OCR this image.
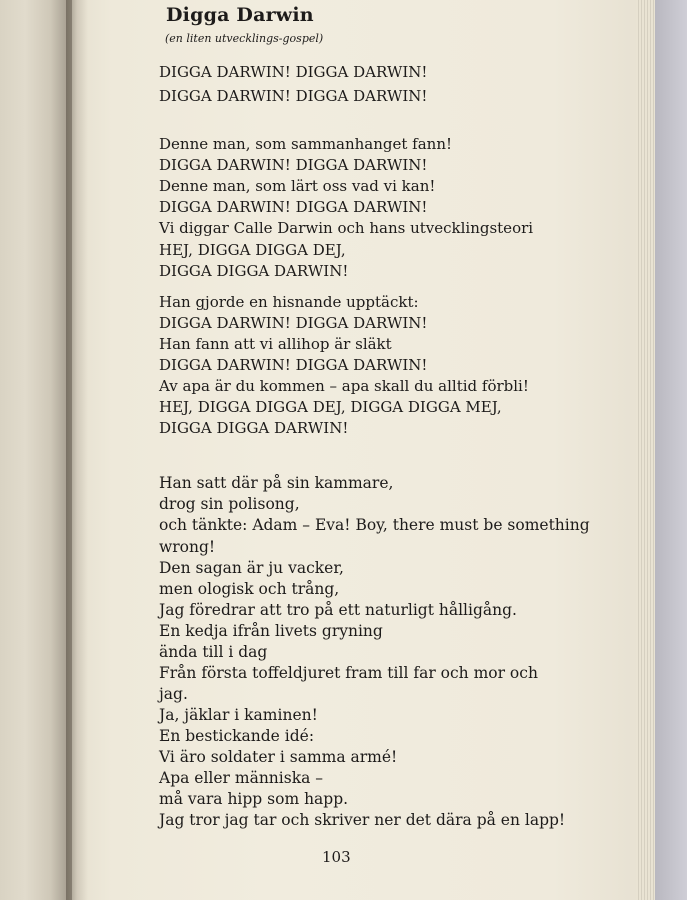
Digga Darwin
(en liten utvecklings-gospel)
DIGGA DARWIN! DIGGA DARWIN!
DIGGA DARWIN! DIGGA DARWIN!
Denne man, som sammanhanget fann!
DIGGA DARWIN! DIGGA DARWIN!
Denne man, som lärt oss vad vi kan!
DIGGA DARWIN! DIGGA DARWIN!
Vi diggar Calle Darwin och hans utvecklingsteori
HEJ, DIGGA DIGGA DEJ,
DIGGA DIGGA DARWIN!
Han gjorde en hisnande upptäckt:
DIGGA DARWIN! DIGGA DARWIN!
Han fann att vi allihop är släkt
DIGGA DARWIN! DIGGA DARWIN!
Av apa är du kommen – apa skall du alltid förbli!
HEJ, DIGGA DIGGA DEJ, DIGGA DIGGA MEJ,
DIGGA DIGGA DARWIN!
Han satt där på sin kammare,
drog sin polisong,
och tänkte: Adam – Eva! Boy, there must be something
wrong!
Den sagan är ju vacker,
men ologisk och trång,
Jag föredrar att tro på ett naturligt hålligång.
En kedja ifrån livets gryning
ända till i dag
Från första toffeldjuret fram till far och mor och
jag.
Ja, jäklar i kaminen!
En bestickande idé:
Vi äro soldater i samma armé!
Apa eller människa –
må vara hipp som happ.
Jag tror jag tar och skriver ner det dära på en lapp!
103
